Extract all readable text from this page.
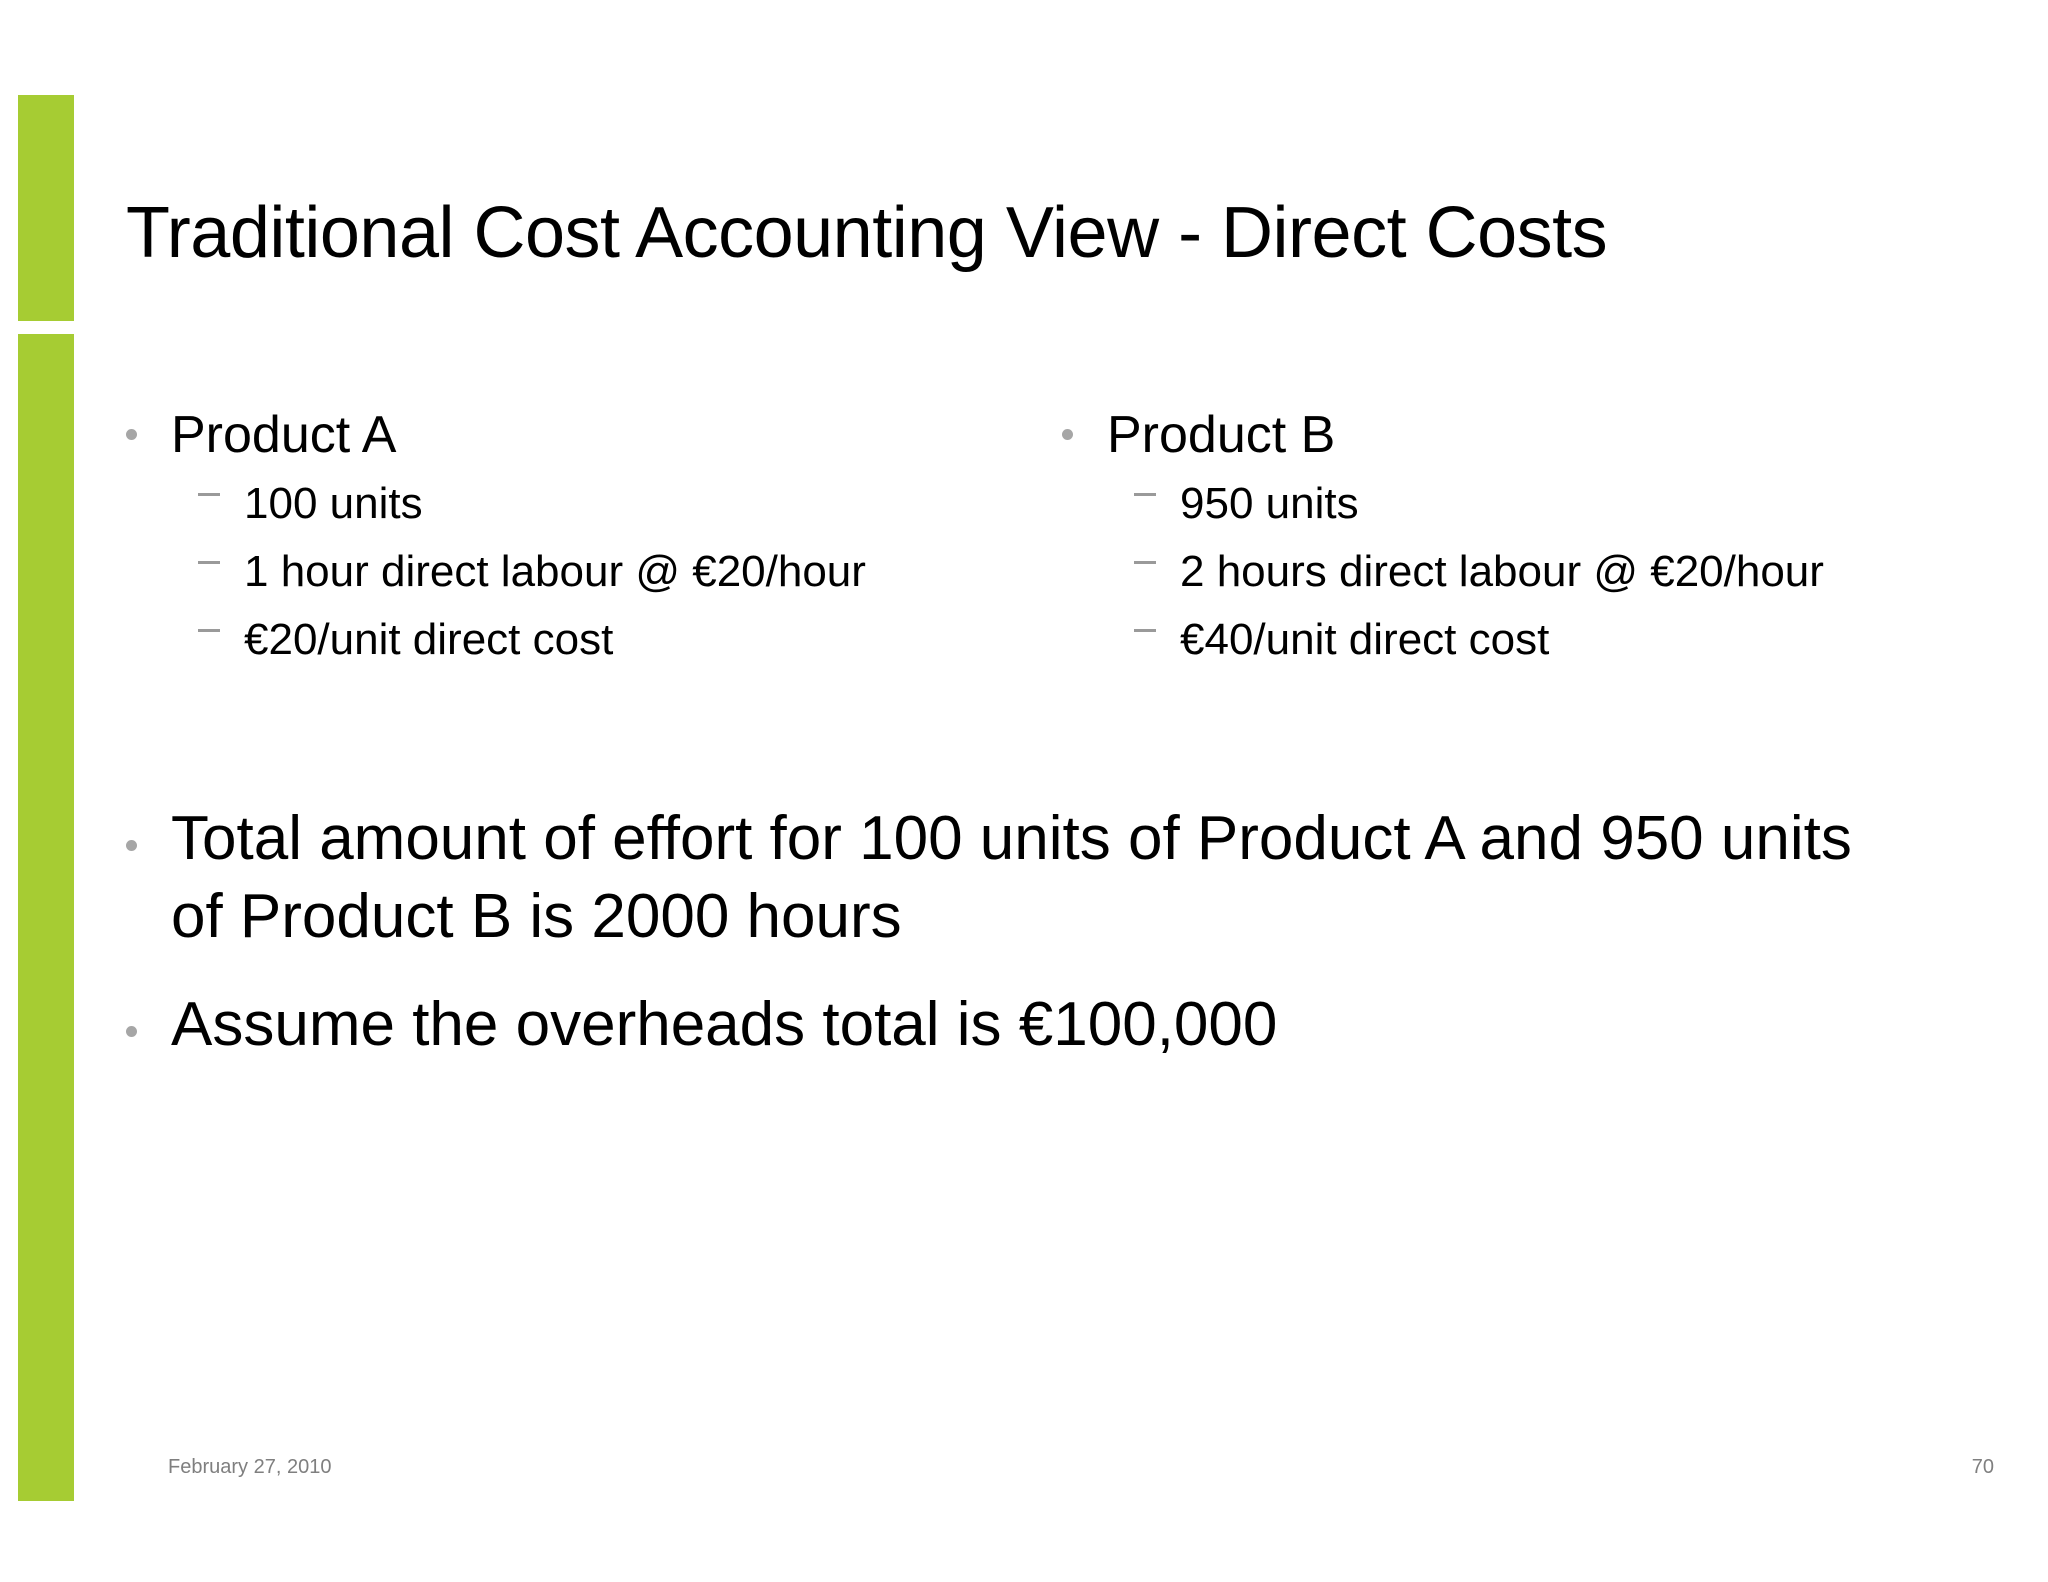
Traditional Cost Accounting View - Direct Costs
Product A
100 units
1 hour direct labour @ €20/hour
€20/unit direct cost
Product B
950 units
2 hours direct labour @ €20/hour
€40/unit direct cost
Total amount of effort for 100 units of Product A and 950 units of Product B is 2000 hours
Assume the overheads total is €100,000
February 27, 2010	70
